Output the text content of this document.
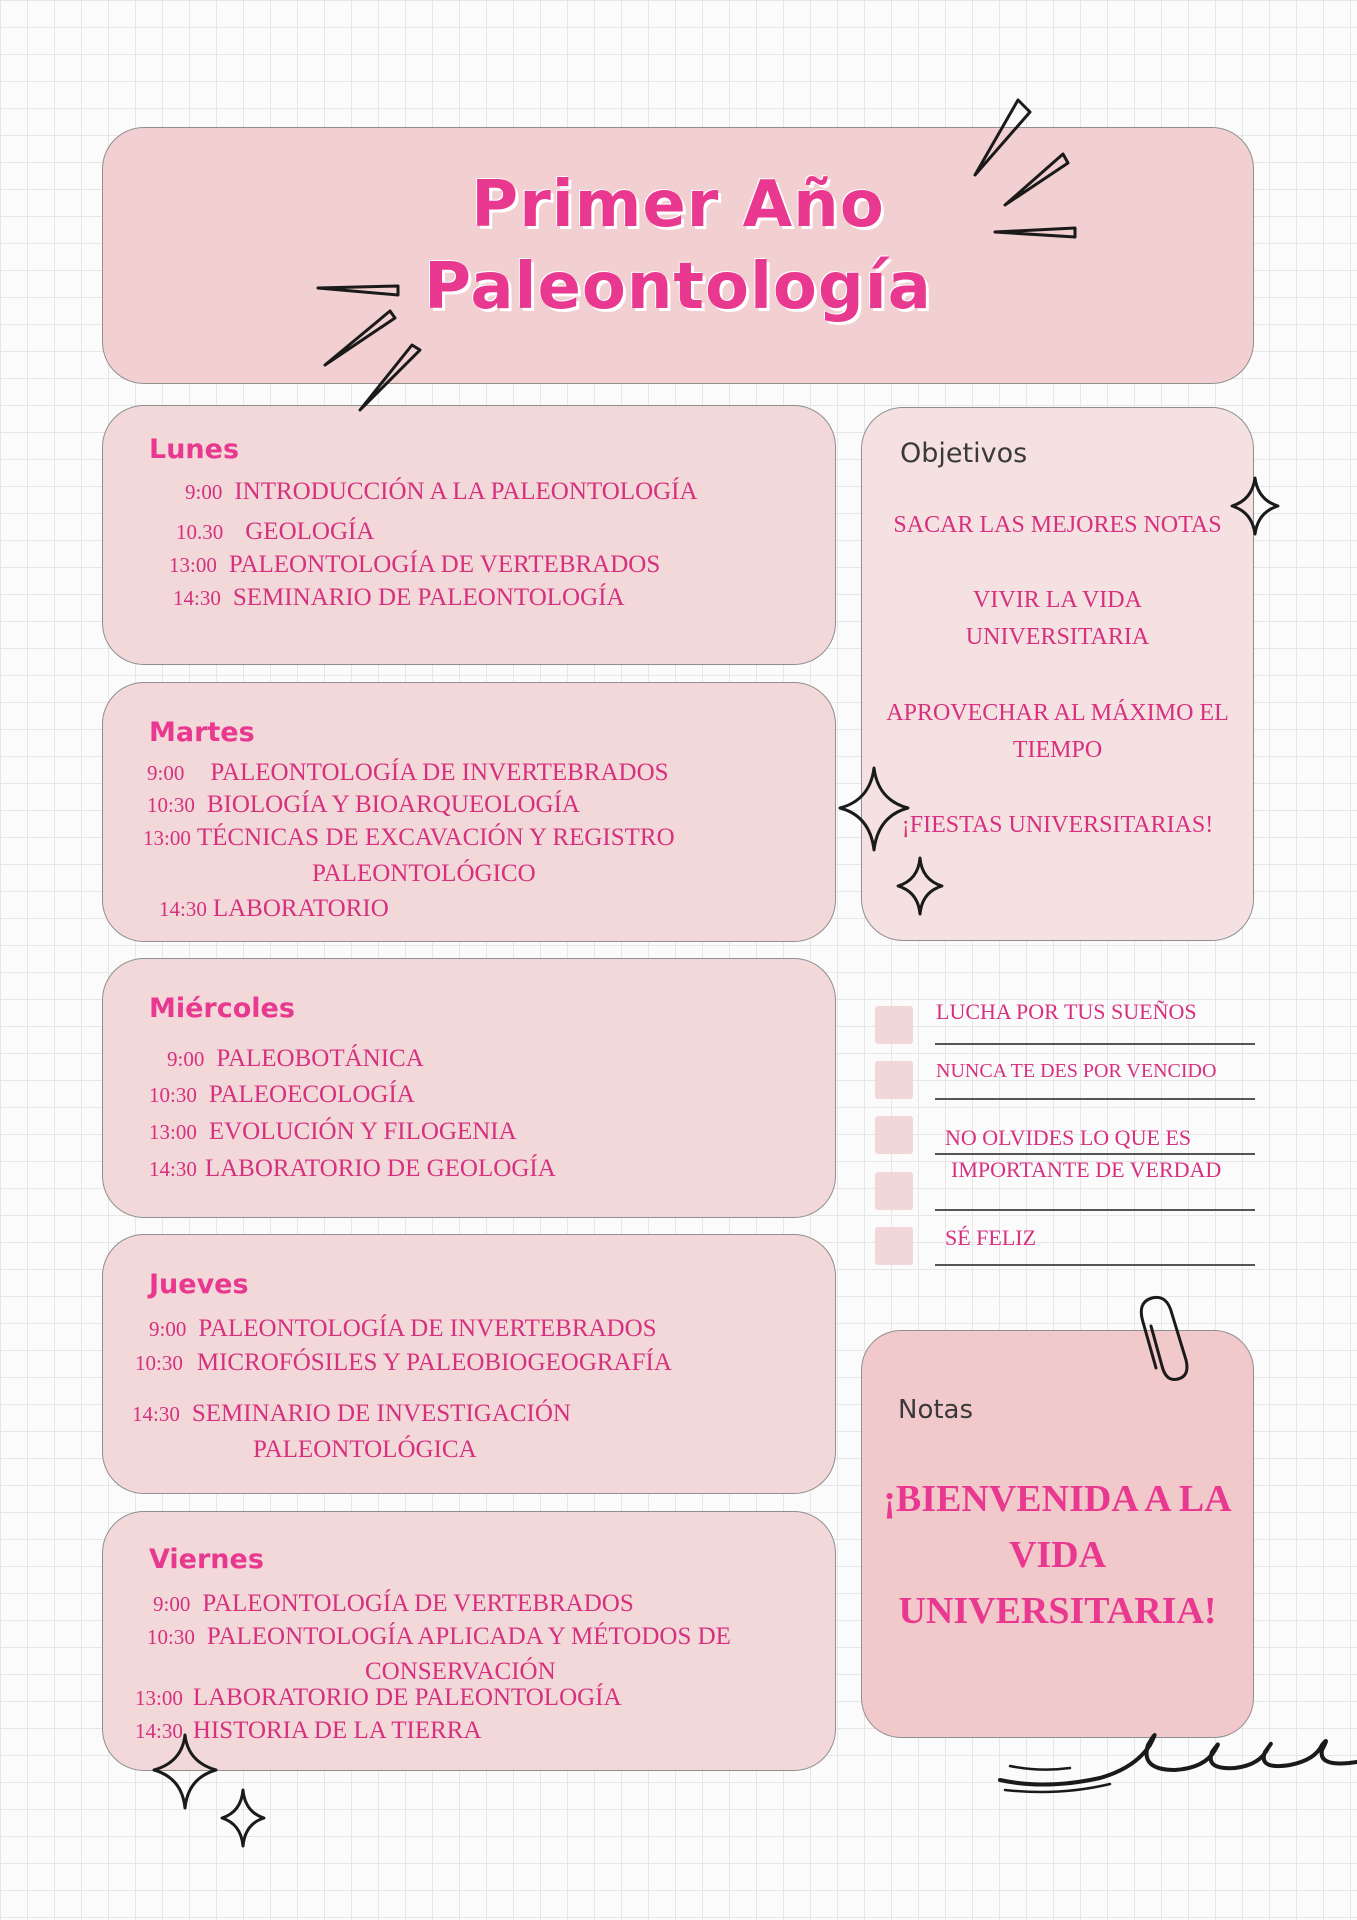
Primer Año
Paleontología
Lunes
9:00 INTRODUCCIÓN A LA PALEONTOLOGÍA
10.30 GEOLOGÍA
13:00 PALEONTOLOGÍA DE VERTEBRADOS
14:30 SEMINARIO DE PALEONTOLOGÍA
Martes
9:00 PALEONTOLOGÍA DE INVERTEBRADOS
10:30 BIOLOGÍA Y BIOARQUEOLOGÍA
13:00 TÉCNICAS DE EXCAVACIÓN Y REGISTRO
PALEONTOLÓGICO
14:30 LABORATORIO
Miércoles
9:00 PALEOBOTÁNICA
10:30 PALEOECOLOGÍA
13:00 EVOLUCIÓN Y FILOGENIA
14:30 LABORATORIO DE GEOLOGÍA
Jueves
9:00 PALEONTOLOGÍA DE INVERTEBRADOS
10:30 MICROFÓSILES Y PALEOBIOGEOGRAFÍA
14:30 SEMINARIO DE INVESTIGACIÓN
PALEONTOLÓGICA
Viernes
9:00 PALEONTOLOGÍA DE VERTEBRADOS
10:30 PALEONTOLOGÍA APLICADA Y MÉTODOS DE
CONSERVACIÓN
13:00 LABORATORIO DE PALEONTOLOGÍA
14:30 HISTORIA DE LA TIERRA
Objetivos
SACAR LAS MEJORES NOTAS
VIVIR LA VIDA
UNIVERSITARIA
APROVECHAR AL MÁXIMO EL
TIEMPO
¡FIESTAS UNIVERSITARIAS!
LUCHA POR TUS SUEÑOS
NUNCA TE DES POR VENCIDO
NO OLVIDES LO QUE ES
IMPORTANTE DE VERDAD
SÉ FELIZ
Notas
¡BIENVENIDA A LA
VIDA
UNIVERSITARIA!
